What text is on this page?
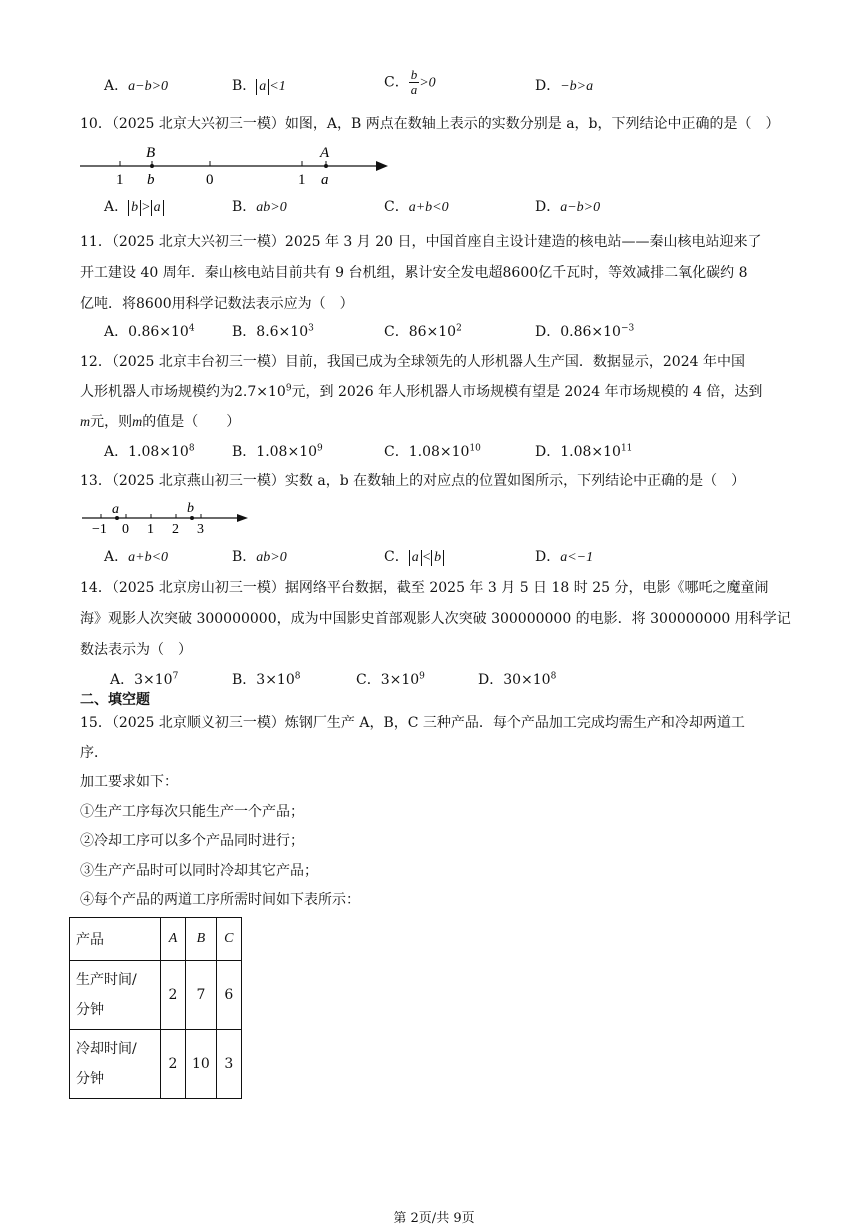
A．a−b>0	B． a <1	C． $\frac{b}{a} >0$	D．−b>a
10．（2025 北京大兴初三一模）如图，A，B 两点在数轴上表示的实数分别是 a，b，下列结论中正确的是（　）
B	A
1 b	0	1 a
A． b > a	B．ab>0	C．a+b<0	D．a−b>0
11．（2025 北京大兴初三一模）2025 年 3 月 20 日，中国首座自主设计建造的核电站——秦山核电站迎来了
开工建设 40 周年．秦山核电站目前共有 9 台机组，累计安全发电超8600亿千瓦时，等效减排二氧化碳约 8
亿吨．将8600用科学记数法表示应为（　）
A．$0.86\times 10^4$	B．$8.6\times 10^3$	C．$86\times 10^2$	D．$0.86\times 10^{-3}$
12．（2025 北京丰台初三一模）目前，我国已成为全球领先的人形机器人生产国．数据显示，2024 年中国
人形机器人市场规模约为$2.7\times 10^9$元，到 2026 年人形机器人市场规模有望是 2024 年市场规模的 4 倍，达到
m元，则m的值是（　　）
A．$1.08\times 10^8$	B．$1.08\times 10^9$	C．$1.08\times 10^{10}$	D．$1.08\times 10^{11}$
13．（2025 北京燕山初三一模）实数 a，b 在数轴上的对应点的位置如图所示，下列结论中正确的是（　）
a	b
−1 0 1 2 3
A．a+b<0	B．ab>0	C． a < b	D．a<−1
14．（2025 北京房山初三一模）据网络平台数据，截至 2025 年 3 月 5 日 18 时 25 分，电影《哪吒之魔童闹
海》观影人次突破 300000000，成为中国影史首部观影人次突破 300000000 的电影．将 300000000 用科学记
数法表示为（　）
A．$3\times 10^7$	B．$3\times 10^8$	C．$3\times 10^9$	D．$30\times 10^8$
二、填空题
15．（2025 北京顺义初三一模）炼钢厂生产 A，B，C 三种产品．每个产品加工完成均需生产和冷却两道工
序．
加工要求如下：
①生产工序每次只能生产一个产品；
②冷却工序可以多个产品同时进行；
③生产产品时可以同时冷却其它产品；
④每个产品的两道工序所需时间如下表所示：
产品	A	B	C
生产时间/
分钟	2	7	6
冷却时间/
分钟	2	10	3
第 2页/共 9页
